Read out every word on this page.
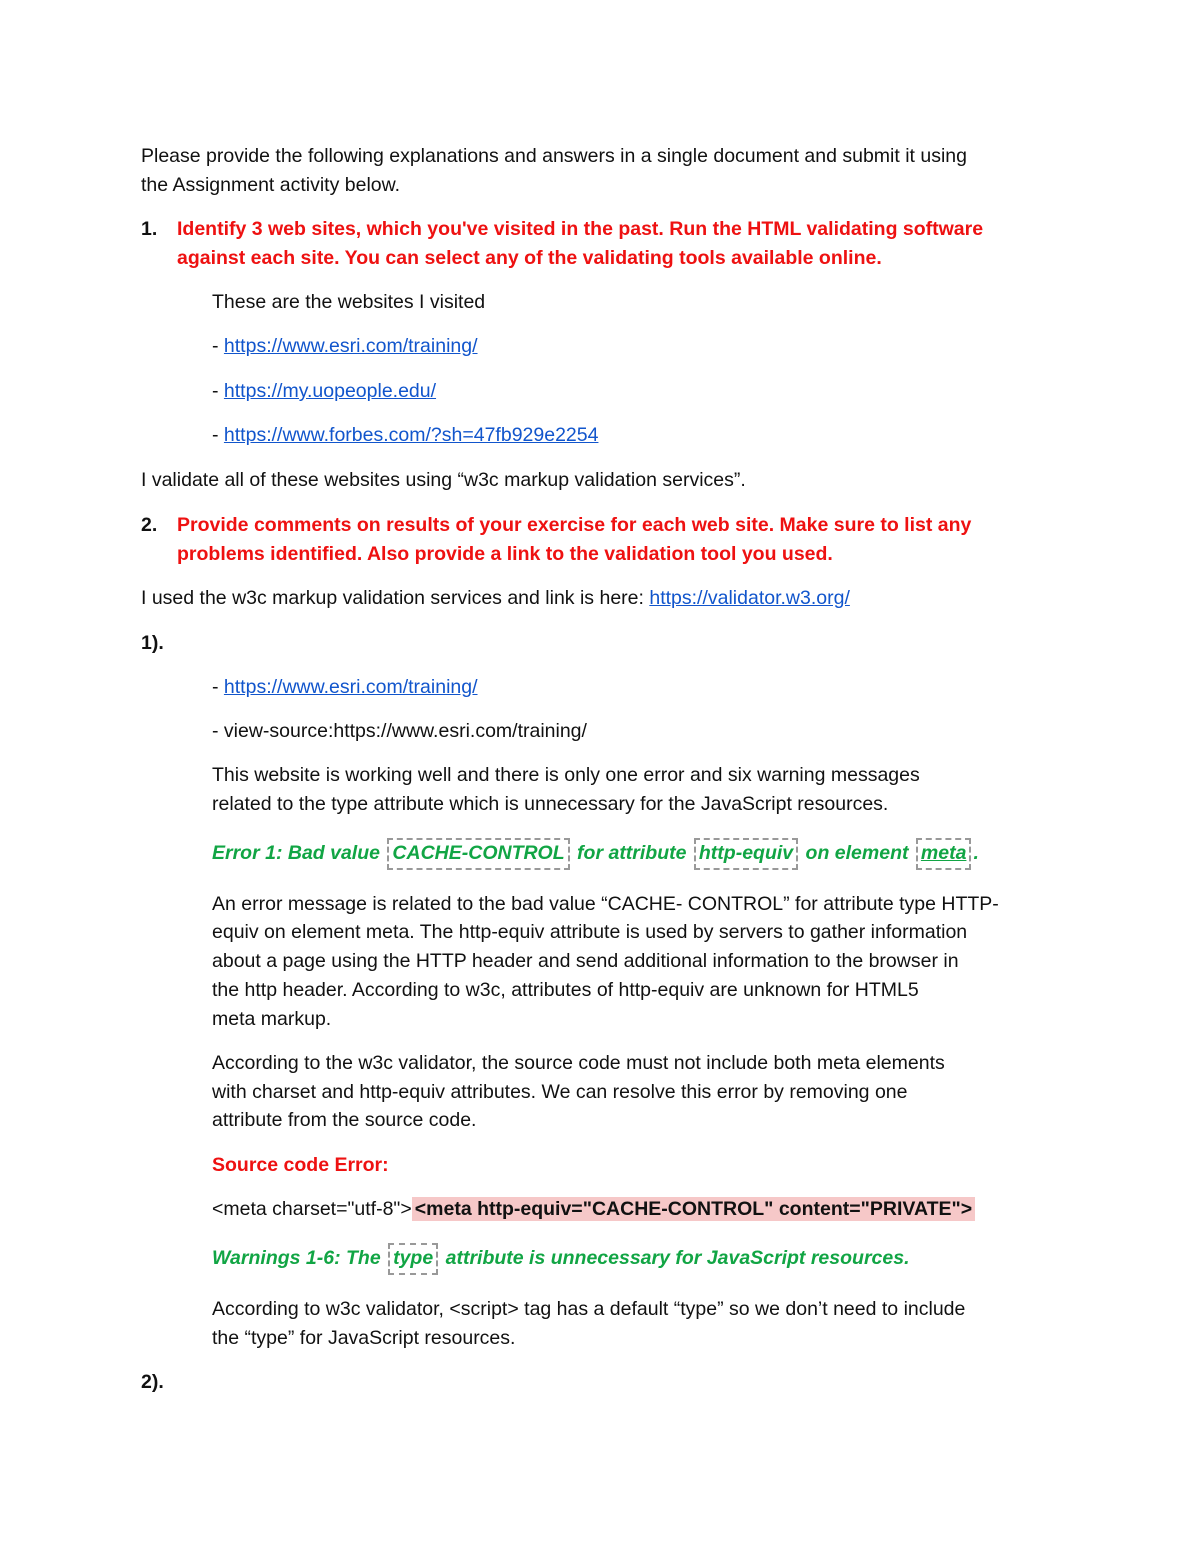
Please provide the following explanations and answers in a single document and submit it using
the Assignment activity below.
1. Identify 3 web sites, which you've visited in the past. Run the HTML validating software
against each site. You can select any of the validating tools available online.
These are the websites I visited
- https://www.esri.com/training/
- https://my.uopeople.edu/
- https://www.forbes.com/?sh=47fb929e2254
I validate all of these websites using “w3c markup validation services”.
2. Provide comments on results of your exercise for each web site. Make sure to list any
problems identified. Also provide a link to the validation tool you used.
I used the w3c markup validation services and link is here: https://validator.w3.org/
1).
- https://www.esri.com/training/
- view-source:https://www.esri.com/training/
This website is working well and there is only one error and six warning messages
related to the type attribute which is unnecessary for the JavaScript resources.
Error 1: Bad value CACHE-CONTROL for attribute http-equiv on element meta .
An error message is related to the bad value “CACHE- CONTROL” for attribute type HTTP-
equiv on element meta. The http-equiv attribute is used by servers to gather information
about a page using the HTTP header and send additional information to the browser in
the http header. According to w3c, attributes of http-equiv are unknown for HTML5
meta markup.
According to the w3c validator, the source code must not include both meta elements
with charset and http-equiv attributes. We can resolve this error by removing one
attribute from the source code.
Source code Error:
<meta charset="utf-8"> <meta http-equiv="CACHE-CONTROL" content="PRIVATE">
Warnings 1-6: The type attribute is unnecessary for JavaScript resources.
According to w3c validator, <script> tag has a default “type” so we don’t need to include
the “type” for JavaScript resources.
2).
